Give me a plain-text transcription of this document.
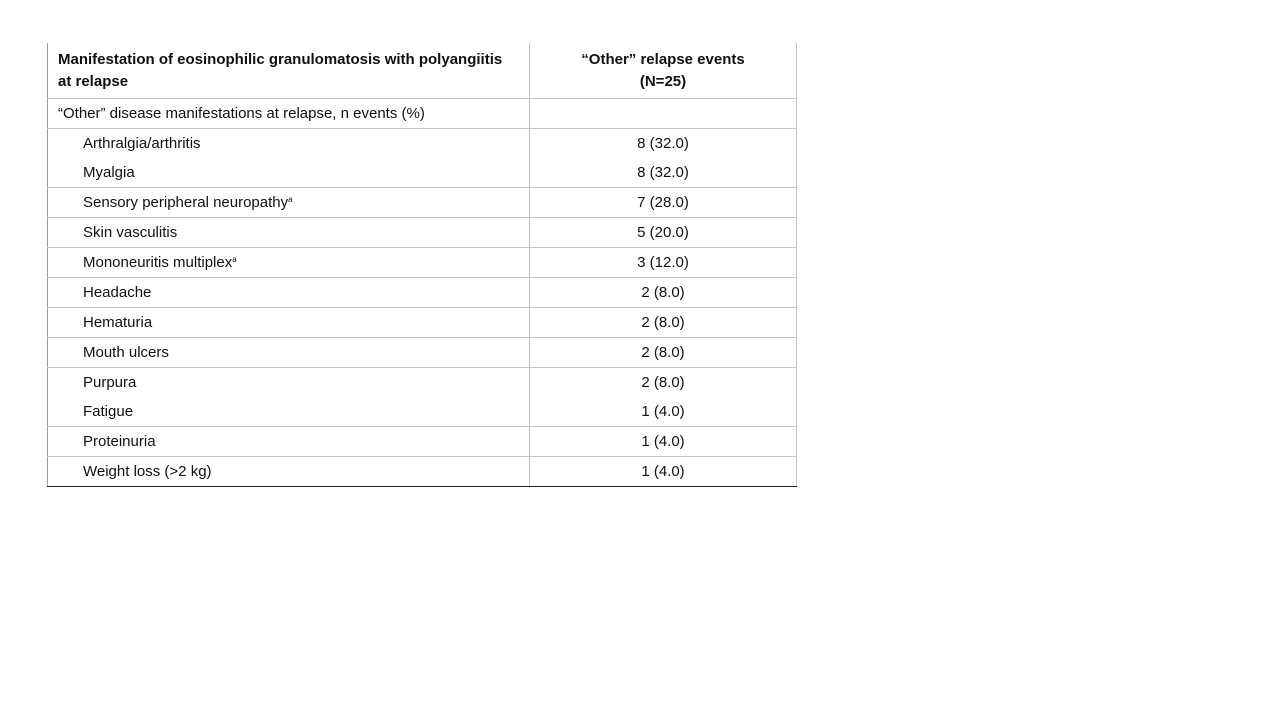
Manifestation of eosinophilic granulomatosis with polyangiitis at relapse	“Other” relapse events
(N=25)

“Other” disease manifestations at relapse, n events (%)	
Arthralgia/arthritis	8 (32.0)
Myalgia	8 (32.0)
Sensory peripheral neuropathy$^a$	7 (28.0)
Skin vasculitis	5 (20.0)
Mononeuritis multiplex$^a$	3 (12.0)
Headache	2 (8.0)
Hematuria	2 (8.0)
Mouth ulcers	2 (8.0)
Purpura	2 (8.0)
Fatigue	1 (4.0)
Proteinuria	1 (4.0)
Weight loss (>2 kg)	1 (4.0)
